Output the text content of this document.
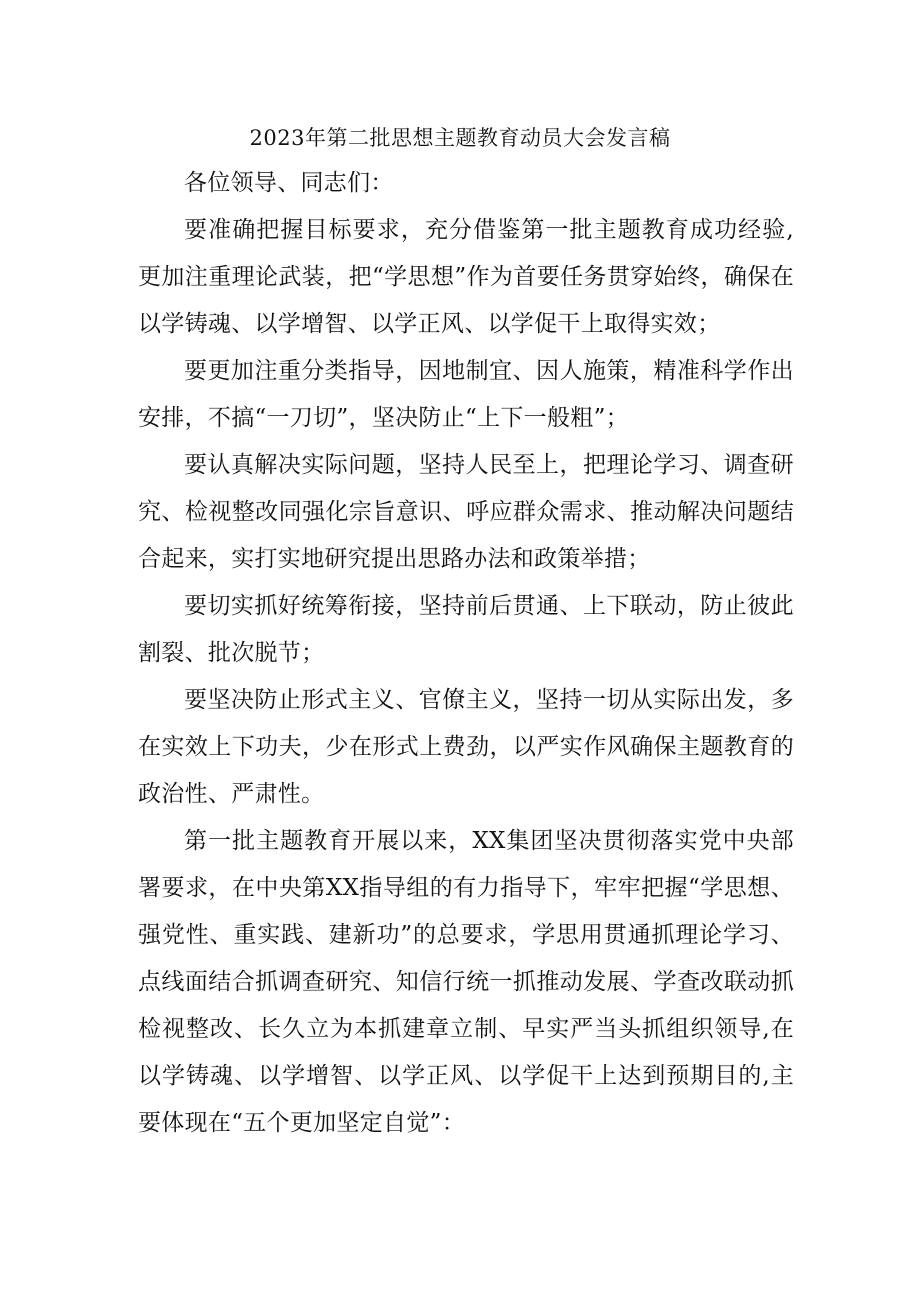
2023年第二批思想主题教育动员大会发言稿

各位领导、同志们：

要准确把握目标要求，充分借鉴第一批主题教育成功经验,更加注重理论武装，把“学思想”作为首要任务贯穿始终，确保在以学铸魂、以学增智、以学正风、以学促干上取得实效；

要更加注重分类指导，因地制宜、因人施策，精准科学作出安排，不搞“一刀切”，坚决防止“上下一般粗”；

要认真解决实际问题，坚持人民至上，把理论学习、调查研究、检视整改同强化宗旨意识、呼应群众需求、推动解决问题结合起来，实打实地研究提出思路办法和政策举措；

要切实抓好统筹衔接，坚持前后贯通、上下联动，防止彼此割裂、批次脱节；

要坚决防止形式主义、官僚主义，坚持一切从实际出发，多在实效上下功夫，少在形式上费劲，以严实作风确保主题教育的政治性、严肃性。

第一批主题教育开展以来，XX集团坚决贯彻落实党中央部署要求，在中央第XX指导组的有力指导下，牢牢把握“学思想、强党性、重实践、建新功”的总要求，学思用贯通抓理论学习、点线面结合抓调查研究、知信行统一抓推动发展、学查改联动抓检视整改、长久立为本抓建章立制、早实严当头抓组织领导,在以学铸魂、以学增智、以学正风、以学促干上达到预期目的,主要体现在“五个更加坚定自觉”：
